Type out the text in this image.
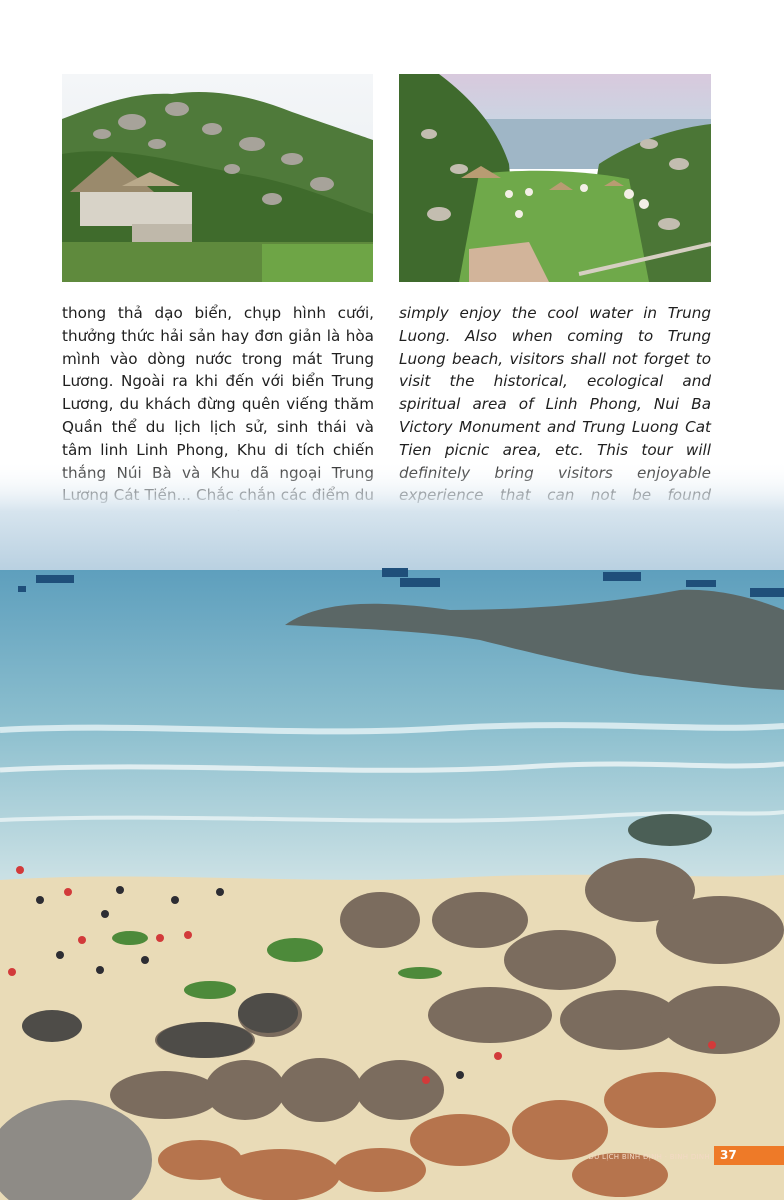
thong thả dạo biển, chụp hình cưới, thưởng thức hải sản hay đơn giản là hòa mình vào dòng nước trong mát Trung Lương. Ngoài ra khi đến với biển Trung Lương, du khách đừng quên viếng thăm Quần thể du lịch lịch sử, sinh thái và tâm linh Linh Phong, Khu di tích chiến

simply enjoy the cool water in Trung Luong. Also when coming to Trung Luong beach, visitors shall not forget to visit the historical, ecological and spiritual area of Linh Phong, Nui Ba Victory Monument and Trung Luong Cat Tien picnic area, etc. This tour will

DU LỊCH BÌNH ĐỊNH · BINH DINH 37
